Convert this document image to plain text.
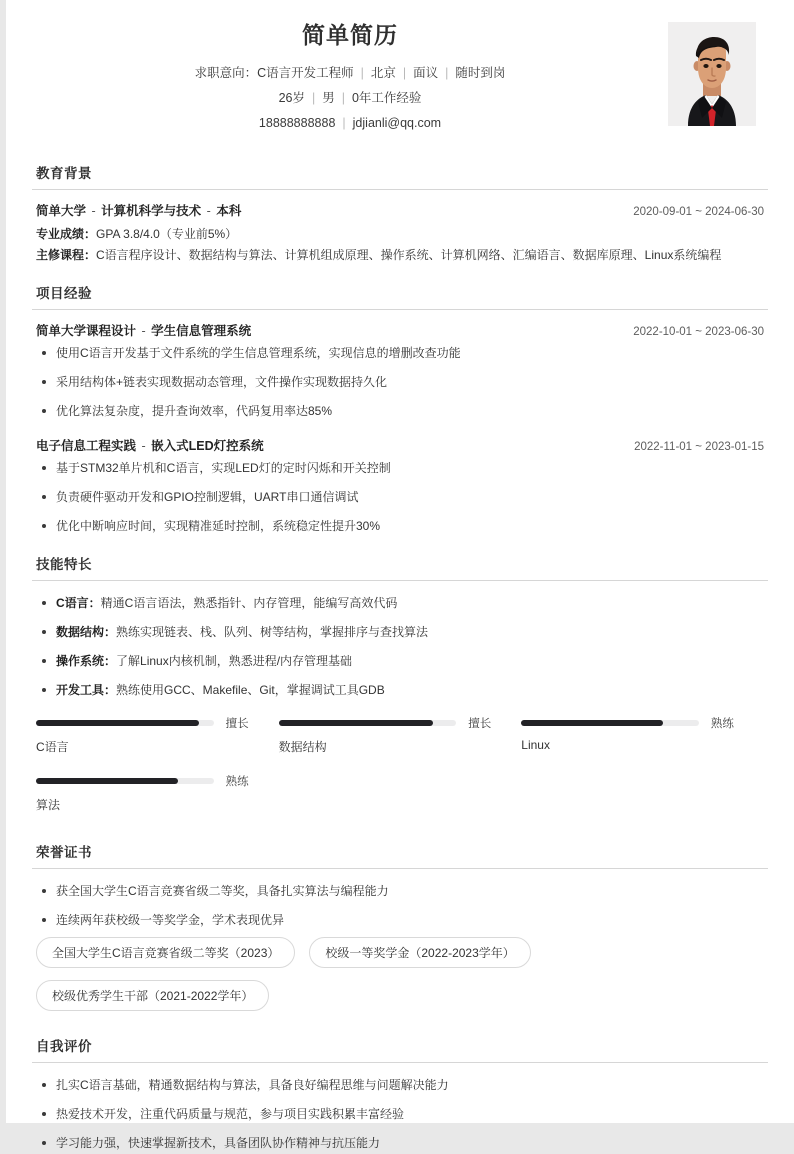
简单简历
求职意向：C语言开发工程师 | 北京 | 面议 | 随时到岗
26岁 | 男 | 0年工作经验
18888888888 | jdjianli@qq.com
教育背景
简单大学 - 计算机科学与技术 - 本科	2020-09-01 ~ 2024-06-30
专业成绩：GPA 3.8/4.0（专业前5%）
主修课程：C语言程序设计、数据结构与算法、计算机组成原理、操作系统、计算机网络、汇编语言、数据库原理、Linux系统编程
项目经验
简单大学课程设计 - 学生信息管理系统	2022-10-01 ~ 2023-06-30
使用C语言开发基于文件系统的学生信息管理系统，实现信息的增删改查功能
采用结构体+链表实现数据动态管理，文件操作实现数据持久化
优化算法复杂度，提升查询效率，代码复用率达85%
电子信息工程实践 - 嵌入式LED灯控系统	2022-11-01 ~ 2023-01-15
基于STM32单片机和C语言，实现LED灯的定时闪烁和开关控制
负责硬件驱动开发和GPIO控制逻辑，UART串口通信调试
优化中断响应时间，实现精准延时控制，系统稳定性提升30%
技能特长
C语言：精通C语言语法，熟悉指针、内存管理，能编写高效代码
数据结构：熟练实现链表、栈、队列、树等结构，掌握排序与查找算法
操作系统：了解Linux内核机制，熟悉进程/内存管理基础
开发工具：熟练使用GCC、Makefile、Git，掌握调试工具GDB
擅长
C语言
擅长
数据结构
熟练
Linux
熟练
算法
荣誉证书
获全国大学生C语言竞赛省级二等奖，具备扎实算法与编程能力
连续两年获校级一等奖学金，学术表现优异
全国大学生C语言竞赛省级二等奖（2023）	校级一等奖学金（2022-2023学年）
校级优秀学生干部（2021-2022学年）
自我评价
扎实C语言基础，精通数据结构与算法，具备良好编程思维与问题解决能力
热爱技术开发，注重代码质量与规范，参与项目实践积累丰富经验
学习能力强，快速掌握新技术，具备团队协作精神与抗压能力
